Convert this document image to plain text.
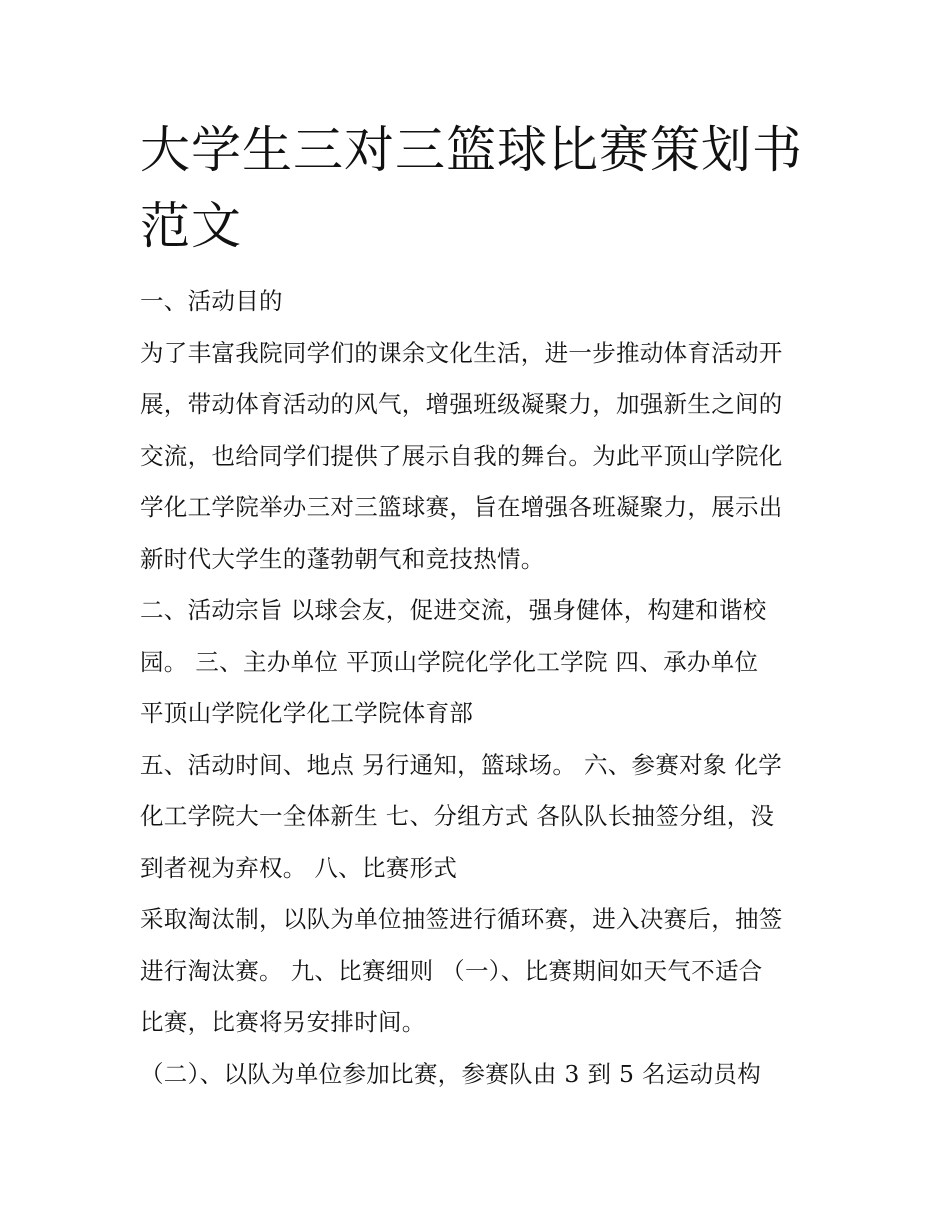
大学生三对三篮球比赛策划书
范文
一、活动目的
为了丰富我院同学们的课余文化生活，进一步推动体育活动开
展，带动体育活动的风气，增强班级凝聚力，加强新生之间的
交流，也给同学们提供了展示自我的舞台。为此平顶山学院化
学化工学院举办三对三篮球赛，旨在增强各班凝聚力，展示出
新时代大学生的蓬勃朝气和竞技热情。
二、活动宗旨 以球会友，促进交流，强身健体，构建和谐校
园。 三、主办单位 平顶山学院化学化工学院 四、承办单位
平顶山学院化学化工学院体育部
五、活动时间、地点 另行通知，篮球场。 六、参赛对象 化学
化工学院大一全体新生 七、分组方式 各队队长抽签分组，没
到者视为弃权。 八、比赛形式
采取淘汰制，以队为单位抽签进行循环赛，进入决赛后，抽签
进行淘汰赛。 九、比赛细则 （一）、比赛期间如天气不适合
比赛，比赛将另安排时间。
（二）、以队为单位参加比赛，参赛队由 3 到 5 名运动员构
